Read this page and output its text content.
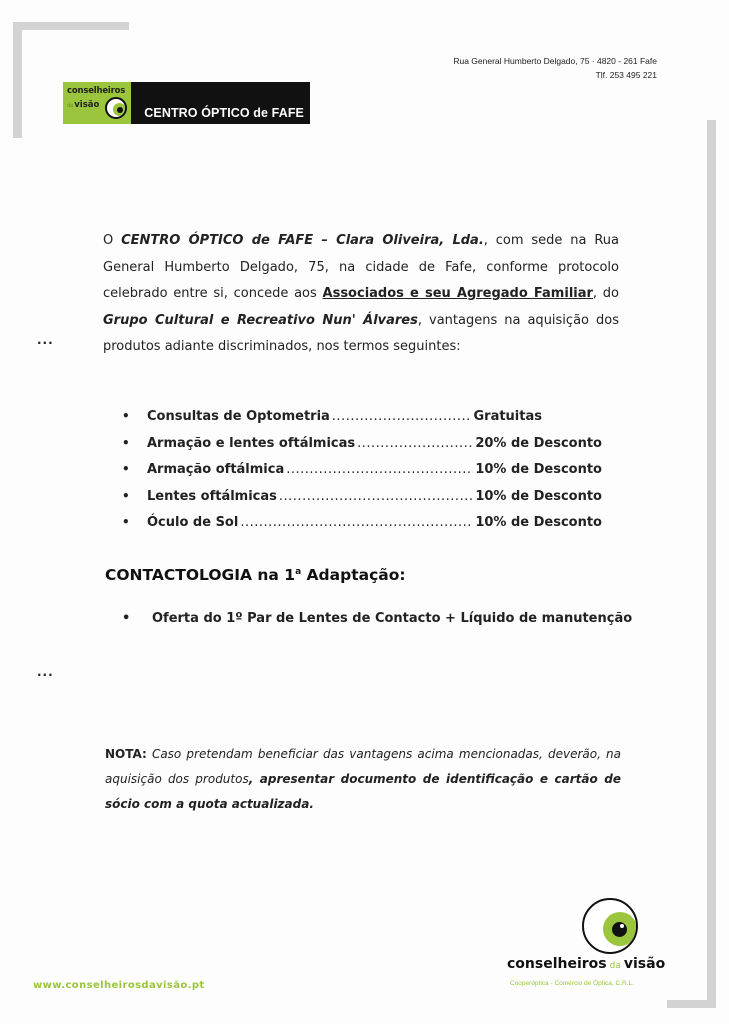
Rua General Humberto Delgado, 75 · 4820 - 261 Fafe
Tlf. 253 495 221
conselheiros
davisão
CENTRO ÓPTICO de FAFE
O CENTRO ÓPTICO de FAFE – Clara Oliveira, Lda., com sede na Rua General Humberto Delgado, 75, na cidade de Fafe, conforme protocolo celebrado entre si, concede aos Associados e seu Agregado Familiar, do Grupo Cultural e Recreativo Nun' Álvares, vantagens na aquisição dos produtos adiante discriminados, nos termos seguintes:
...
...
•	Consultas de Optometria .....	Gratuitas
•	Armação e lentes oftálmicas .....	20% de Desconto
•	Armação oftálmica .....	10% de Desconto
•	Lentes oftálmicas .....	10% de Desconto
•	Óculo de Sol .....	10% de Desconto
CONTACTOLOGIA na 1$^a$ Adaptação:
•	Oferta do 1º Par de Lentes de Contacto + Líquido de manutenção
NOTA: Caso pretendam beneficiar das vantagens acima mencionadas, deverão, na aquisição dos produtos, apresentar documento de identificação e cartão de sócio com a quota actualizada.
conselheiros da visão
Cooperóptica - Comércio de Óptica, C.R.L.
www.conselheirosdavisão.pt
